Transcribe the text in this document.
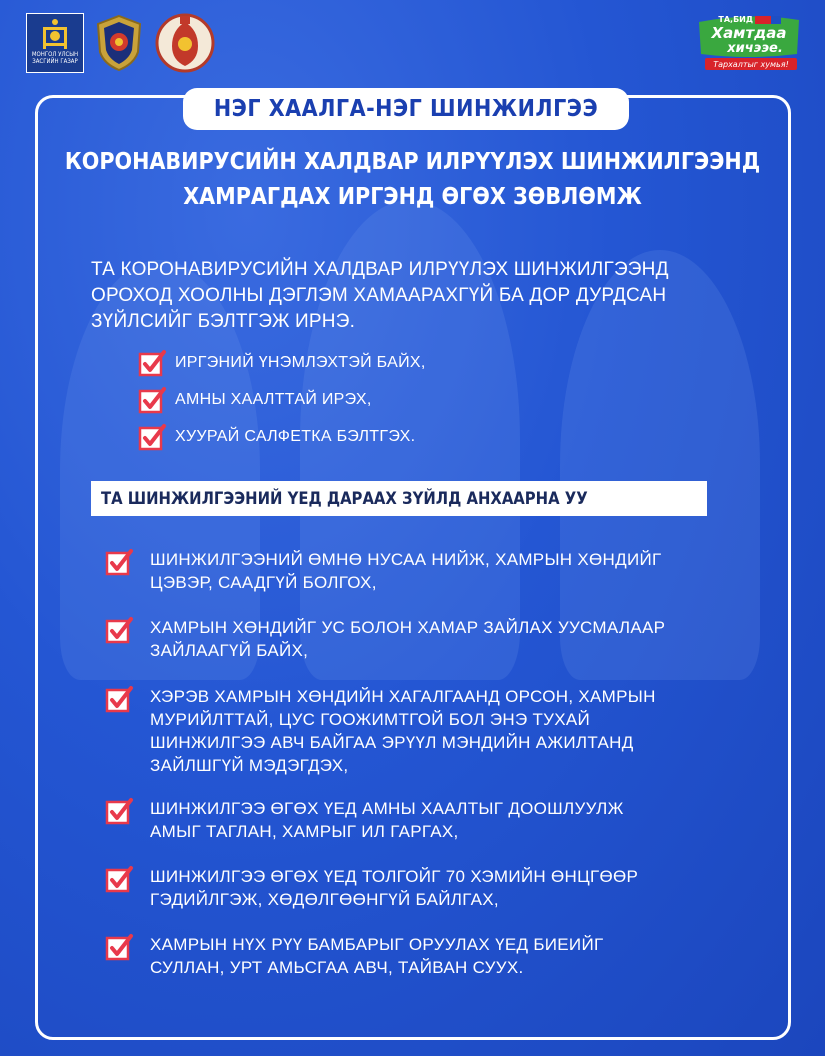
МОНГОЛ УЛСЫН ЗАСГИЙН ГАЗАР
ТА,БИД
Хамтдаа
хичээе.
Тархалтыг хумья!
НЭГ ХААЛГА-НЭГ ШИНЖИЛГЭЭ
КОРОНАВИРУСИЙН ХАЛДВАР ИЛРҮҮЛЭХ ШИНЖИЛГЭЭНД
ХАМРАГДАХ ИРГЭНД ӨГӨХ ЗӨВЛӨМЖ
ТА КОРОНАВИРУСИЙН ХАЛДВАР ИЛРҮҮЛЭХ ШИНЖИЛГЭЭНД
ОРОХОД ХООЛНЫ ДЭГЛЭМ ХАМААРАХГҮЙ БА ДОР ДУРДСАН
ЗҮЙЛСИЙГ БЭЛТГЭЖ ИРНЭ.
ИРГЭНИЙ ҮНЭМЛЭХТЭЙ БАЙХ,
АМНЫ ХААЛТТАЙ ИРЭХ,
ХУУРАЙ САЛФЕТКА БЭЛТГЭХ.
ТА ШИНЖИЛГЭЭНИЙ ҮЕД ДАРААХ ЗҮЙЛД АНХААРНА УУ
ШИНЖИЛГЭЭНИЙ ӨМНӨ НУСАА НИЙЖ, ХАМРЫН ХӨНДИЙГ
ЦЭВЭР, СААДГҮЙ БОЛГОХ,
ХАМРЫН ХӨНДИЙГ УС БОЛОН ХАМАР ЗАЙЛАХ УУСМАЛААР
ЗАЙЛААГҮЙ БАЙХ,
ХЭРЭВ ХАМРЫН ХӨНДИЙН ХАГАЛГААНД ОРСОН, ХАМРЫН
МУРИЙЛТТАЙ, ЦУС ГООЖИМТГОЙ БОЛ ЭНЭ ТУХАЙ
ШИНЖИЛГЭЭ АВЧ БАЙГАА ЭРҮҮЛ МЭНДИЙН АЖИЛТАНД
ЗАЙЛШГҮЙ МЭДЭГДЭХ,
ШИНЖИЛГЭЭ ӨГӨХ ҮЕД АМНЫ ХААЛТЫГ ДООШЛУУЛЖ
АМЫГ ТАГЛАН, ХАМРЫГ ИЛ ГАРГАХ,
ШИНЖИЛГЭЭ ӨГӨХ ҮЕД ТОЛГОЙГ 70 ХЭМИЙН ӨНЦГӨӨР
ГЭДИЙЛГЭЖ, ХӨДӨЛГӨӨНГҮЙ БАЙЛГАХ,
ХАМРЫН НҮХ РҮҮ БАМБАРЫГ ОРУУЛАХ ҮЕД БИЕИЙГ
СУЛЛАН, УРТ АМЬСГАА АВЧ, ТАЙВАН СУУХ.
